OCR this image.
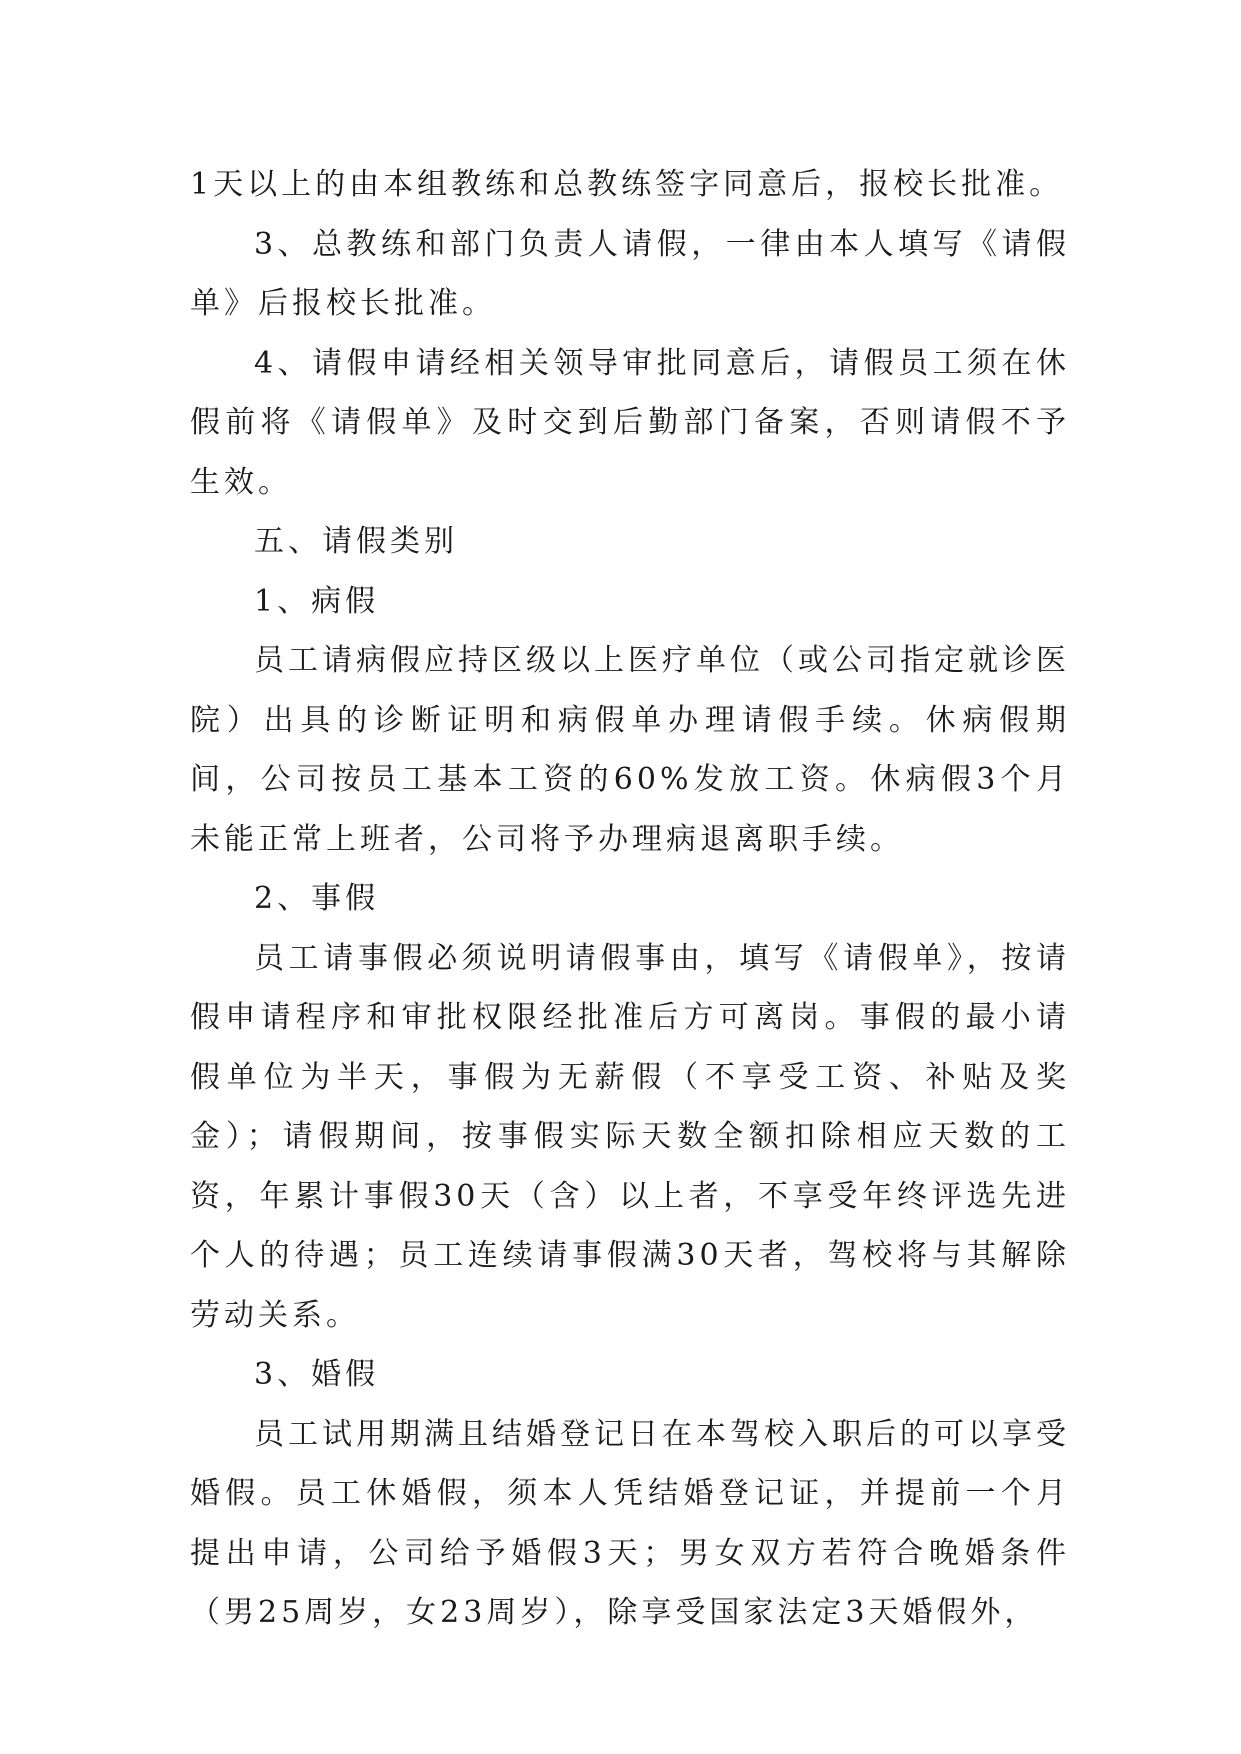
1天以上的由本组教练和总教练签字同意后，报校长批准。

3、总教练和部门负责人请假，一律由本人填写《请假单》后报校长批准。

4、请假申请经相关领导审批同意后，请假员工须在休假前将《请假单》及时交到后勤部门备案，否则请假不予生效。

五、请假类别

1、病假

员工请病假应持区级以上医疗单位（或公司指定就诊医院）出具的诊断证明和病假单办理请假手续。休病假期间，公司按员工基本工资的60%发放工资。休病假3个月未能正常上班者，公司将予办理病退离职手续。

2、事假

员工请事假必须说明请假事由，填写《请假单》，按请假申请程序和审批权限经批准后方可离岗。事假的最小请假单位为半天，事假为无薪假（不享受工资、补贴及奖金）；请假期间，按事假实际天数全额扣除相应天数的工资，年累计事假30天（含）以上者，不享受年终评选先进个人的待遇；员工连续请事假满30天者，驾校将与其解除劳动关系。

3、婚假

员工试用期满且结婚登记日在本驾校入职后的可以享受婚假。员工休婚假，须本人凭结婚登记证，并提前一个月提出申请，公司给予婚假3天；男女双方若符合晚婚条件（男25周岁，女23周岁），除享受国家法定3天婚假外，
